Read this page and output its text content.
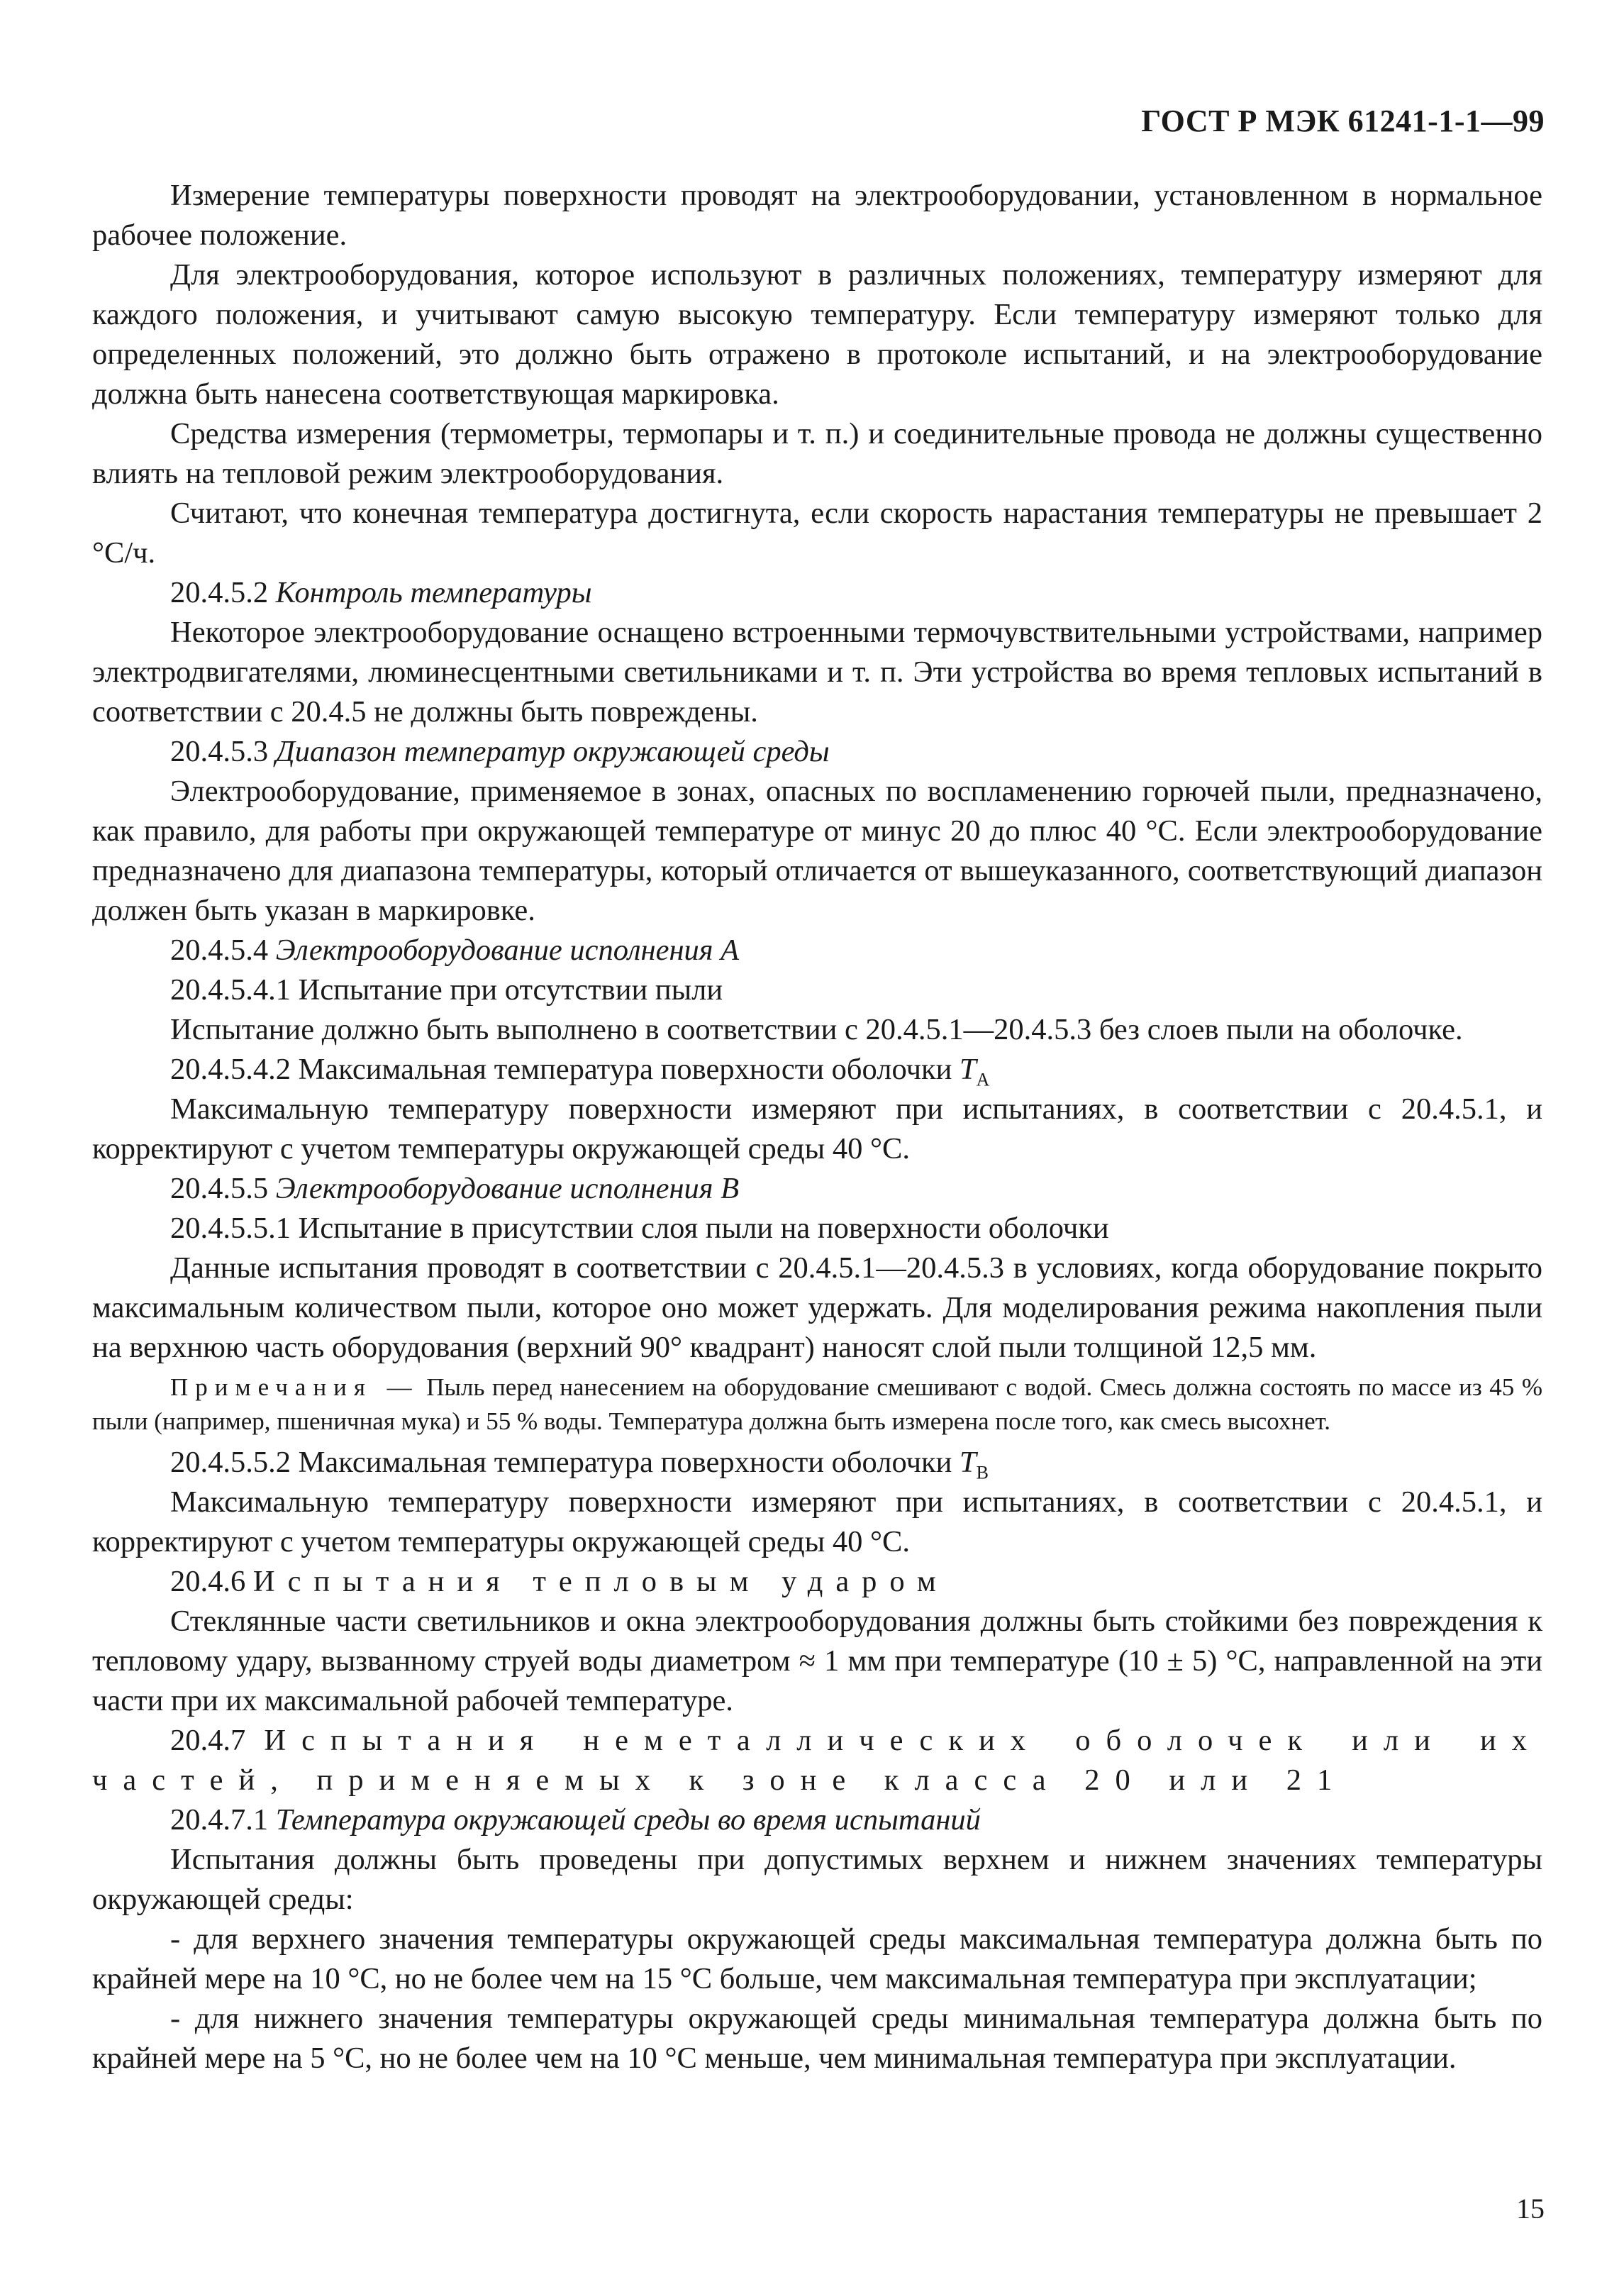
ГОСТ Р МЭК 61241-1-1—99

Измерение температуры поверхности проводят на электрооборудовании, установленном в нормальное рабочее положение.

Для электрооборудования, которое используют в различных положениях, температуру измеряют для каждого положения, и учитывают самую высокую температуру. Если температуру измеряют только для определенных положений, это должно быть отражено в протоколе испытаний, и на электрооборудование должна быть нанесена соответствующая маркировка.

Средства измерения (термометры, термопары и т. п.) и соединительные провода не должны существенно влиять на тепловой режим электрооборудования.

Считают, что конечная температура достигнута, если скорость нарастания температуры не превышает 2 °С/ч.

20.4.5.2 Контроль температуры

Некоторое электрооборудование оснащено встроенными термочувствительными устройствами, например электродвигателями, люминесцентными светильниками и т. п. Эти устройства во время тепловых испытаний в соответствии с 20.4.5 не должны быть повреждены.

20.4.5.3 Диапазон температур окружающей среды

Электрооборудование, применяемое в зонах, опасных по воспламенению горючей пыли, предназначено, как правило, для работы при окружающей температуре от минус 20 до плюс 40 °С. Если электрооборудование предназначено для диапазона температуры, который отличается от вышеуказанного, соответствующий диапазон должен быть указан в маркировке.

20.4.5.4 Электрооборудование исполнения А

20.4.5.4.1 Испытание при отсутствии пыли

Испытание должно быть выполнено в соответствии с 20.4.5.1—20.4.5.3 без слоев пыли на оболочке.

20.4.5.4.2 Максимальная температура поверхности оболочки $T_A$

Максимальную температуру поверхности измеряют при испытаниях, в соответствии с 20.4.5.1, и корректируют с учетом температуры окружающей среды 40 °С.

20.4.5.5 Электрооборудование исполнения В

20.4.5.5.1 Испытание в присутствии слоя пыли на поверхности оболочки

Данные испытания проводят в соответствии с 20.4.5.1—20.4.5.3 в условиях, когда оборудование покрыто максимальным количеством пыли, которое оно может удержать. Для моделирования режима накопления пыли на верхнюю часть оборудования (верхний 90° квадрант) наносят слой пыли толщиной 12,5 мм.

Примечания — Пыль перед нанесением на оборудование смешивают с водой. Смесь должна состоять по массе из 45 % пыли (например, пшеничная мука) и 55 % воды. Температура должна быть измерена после того, как смесь высохнет.

20.4.5.5.2 Максимальная температура поверхности оболочки $T_B$

Максимальную температуру поверхности измеряют при испытаниях, в соответствии с 20.4.5.1, и корректируют с учетом температуры окружающей среды 40 °С.

20.4.6 Испытания тепловым ударом

Стеклянные части светильников и окна электрооборудования должны быть стойкими без повреждения к тепловому удару, вызванному струей воды диаметром ≈ 1 мм при температуре (10 ± 5) °С, направленной на эти части при их максимальной рабочей температуре.

20.4.7 Испытания неметаллических оболочек или их частей, применяемых к зоне класса 20 или 21

20.4.7.1 Температура окружающей среды во время испытаний

Испытания должны быть проведены при допустимых верхнем и нижнем значениях температуры окружающей среды:

- для верхнего значения температуры окружающей среды максимальная температура должна быть по крайней мере на 10 °С, но не более чем на 15 °С больше, чем максимальная температура при эксплуатации;

- для нижнего значения температуры окружающей среды минимальная температура должна быть по крайней мере на 5 °С, но не более чем на 10 °С меньше, чем минимальная температура при эксплуатации.

15
